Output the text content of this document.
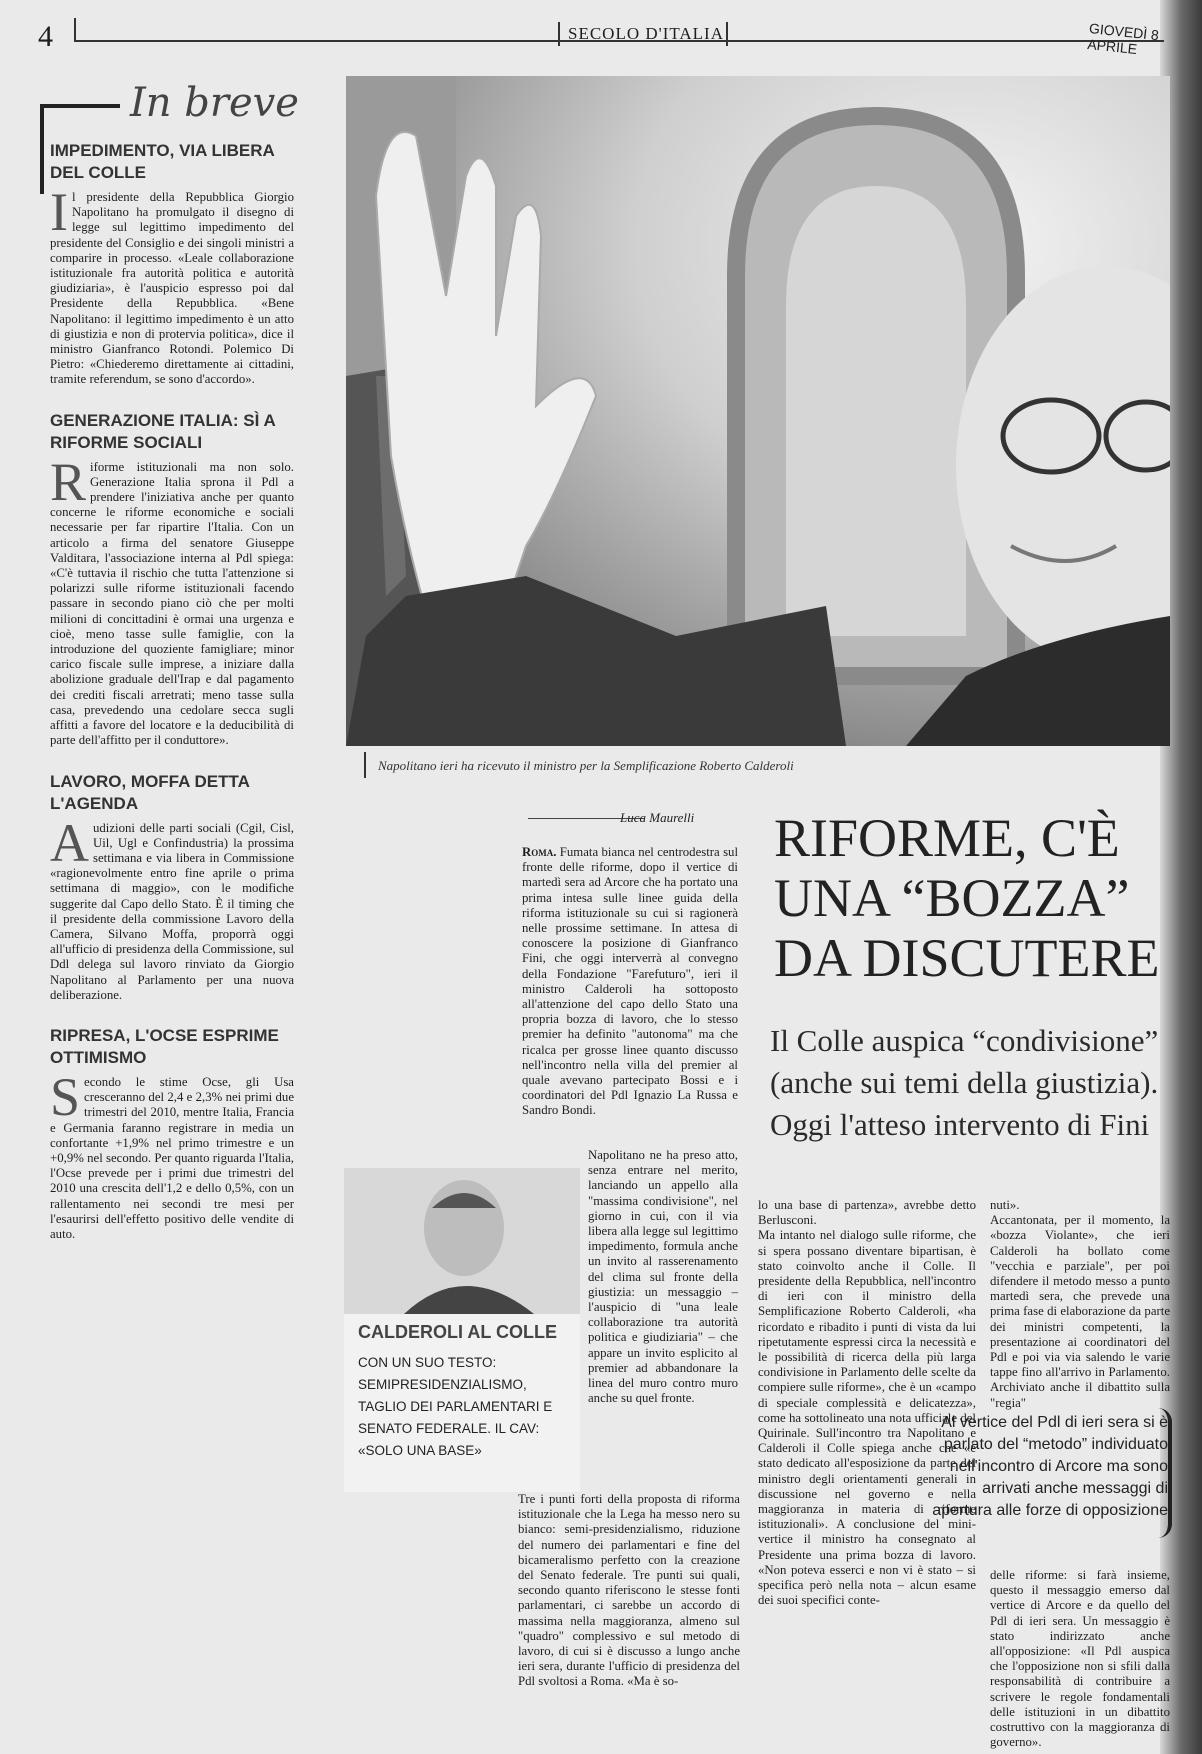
4	SECOLO D'ITALIA	GIOVEDÌ 8 APRILE
In breve
IMPEDIMENTO, VIA LIBERA DEL COLLE

Il presidente della Repubblica Giorgio Napolitano ha promulgato il disegno di legge sul legittimo impedimento del presidente del Consiglio e dei singoli ministri a comparire in processo. «Leale collaborazione istituzionale fra autorità politica e autorità giudiziaria», è l'auspicio espresso poi dal Presidente della Repubblica. «Bene Napolitano: il legittimo impedimento è un atto di giustizia e non di protervia politica», dice il ministro Gianfranco Rotondi. Polemico Di Pietro: «Chiederemo direttamente ai cittadini, tramite referendum, se sono d'accordo».

GENERAZIONE ITALIA: SÌ A RIFORME SOCIALI

Riforme istituzionali ma non solo. Generazione Italia sprona il Pdl a prendere l'iniziativa anche per quanto concerne le riforme economiche e sociali necessarie per far ripartire l'Italia. Con un articolo a firma del senatore Giuseppe Valditara, l'associazione interna al Pdl spiega: «C'è tuttavia il rischio che tutta l'attenzione si polarizzi sulle riforme istituzionali facendo passare in secondo piano ciò che per molti milioni di concittadini è ormai una urgenza e cioè, meno tasse sulle famiglie, con la introduzione del quoziente famigliare; minor carico fiscale sulle imprese, a iniziare dalla abolizione graduale dell'Irap e dal pagamento dei crediti fiscali arretrati; meno tasse sulla casa, prevedendo una cedolare secca sugli affitti a favore del locatore e la deducibilità di parte dell'affitto per il conduttore».

LAVORO, MOFFA DETTA L'AGENDA

Audizioni delle parti sociali (Cgil, Cisl, Uil, Ugl e Confindustria) la prossima settimana e via libera in Commissione «ragionevolmente entro fine aprile o prima settimana di maggio», con le modifiche suggerite dal Capo dello Stato. È il timing che il presidente della commissione Lavoro della Camera, Silvano Moffa, proporrà oggi all'ufficio di presidenza della Commissione, sul Ddl delega sul lavoro rinviato da Giorgio Napolitano al Parlamento per una nuova deliberazione.

RIPRESA, L'OCSE ESPRIME OTTIMISMO

Secondo le stime Ocse, gli Usa cresceranno del 2,4 e 2,3% nei primi due trimestri del 2010, mentre Italia, Francia e Germania faranno registrare in media un confortante +1,9% nel primo trimestre e un +0,9% nel secondo. Per quanto riguarda l'Italia, l'Ocse prevede per i primi due trimestri del 2010 una crescita dell'1,2 e dello 0,5%, con un rallentamento nei secondi tre mesi per l'esaurirsi dell'effetto positivo delle vendite di auto.

Napolitano ieri ha ricevuto il ministro per la Semplificazione Roberto Calderoli
Luca Maurelli RIFORME, C'È
UNA “BOZZA”
DA DISCUTERE
Il Colle auspica “condivisione” (anche sui temi della giustizia). Oggi l'atteso intervento di Fini

Roma. Fumata bianca nel centrodestra sul fronte delle riforme, dopo il vertice di martedì sera ad Arcore che ha portato una prima intesa sulle linee guida della riforma istituzionale su cui si ragionerà nelle prossime settimane. In attesa di conoscere la posizione di Gianfranco Fini, che oggi interverrà al convegno della Fondazione "Farefuturo", ieri il ministro Calderoli ha sottoposto all'attenzione del capo dello Stato una propria bozza di lavoro, che lo stesso premier ha definito "autonoma" ma che ricalca per grosse linee quanto discusso nell'incontro nella villa del premier al quale avevano partecipato Bossi e i coordinatori del Pdl Ignazio La Russa e Sandro Bondi.

Napolitano ne ha preso atto, senza entrare nel merito, lanciando un appello alla "massima condivisione", nel giorno in cui, con il via libera alla legge sul legittimo impedimento, formula anche un invito al rasserenamento del clima sul fronte della giustizia: un messaggio – l'auspicio di "una leale collaborazione tra autorità politica e giudiziaria" – che appare un invito esplicito al premier ad abbandonare la linea del muro contro muro anche su quel fronte.

Tre i punti forti della proposta di riforma istituzionale che la Lega ha messo nero su bianco: semi-presidenzialismo, riduzione del numero dei parlamentari e fine del bicameralismo perfetto con la creazione del Senato federale. Tre punti sui quali, secondo quanto riferiscono le stesse fonti parlamentari, ci sarebbe un accordo di massima nella maggioranza, almeno sul "quadro" complessivo e sul metodo di lavoro, di cui si è discusso a lungo anche ieri sera, durante l'ufficio di presidenza del Pdl svoltosi a Roma. «Ma è so-

CALDEROLI AL COLLE
CON UN SUO TESTO: SEMIPRESIDENZIALISMO, TAGLIO DEI PARLAMENTARI E SENATO FEDERALE. IL CAV: «SOLO UNA BASE»

lo una base di partenza», avrebbe detto Berlusconi.
Ma intanto nel dialogo sulle riforme, che si spera possano diventare bipartisan, è stato coinvolto anche il Colle. Il presidente della Repubblica, nell'incontro di ieri con il ministro della Semplificazione Roberto Calderoli, «ha ricordato e ribadito i punti di vista da lui ripetutamente espressi circa la necessità e le possibilità di ricerca della più larga condivisione in Parlamento delle scelte da compiere sulle riforme», che è un «campo di speciale complessità e delicatezza», come ha sottolineato una nota ufficiale del Quirinale. Sull'incontro tra Napolitano e Calderoli il Colle spiega anche che «è stato dedicato all'esposizione da parte del ministro degli orientamenti generali in discussione nel governo e nella maggioranza in materia di riforme istituzionali». A conclusione del mini-vertice il ministro ha consegnato al Presidente una prima bozza di lavoro. «Non poteva esserci e non vi è stato – si specifica però nella nota – alcun esame dei suoi specifici conte-

nuti».
Accantonata, per il momento, la «bozza Violante», che ieri Calderoli ha bollato come "vecchia e parziale", per poi difendere il metodo messo a punto martedì sera, che prevede una prima fase di elaborazione da parte dei ministri competenti, la presentazione ai coordinatori del Pdl e poi via via salendo le varie tappe fino all'arrivo in Parlamento. Archiviato anche il dibattito sulla "regia"

Al vertice del Pdl di ieri sera si è parlato del “metodo” individuato nell'incontro di Arcore ma sono arrivati anche messaggi di apertura alle forze di opposizione

delle riforme: si farà insieme, questo il messaggio emerso dal vertice di Arcore e da quello del Pdl di ieri sera. Un messaggio è stato indirizzato anche all'opposizione: «Il Pdl auspica che l'opposizione non si sfili dalla responsabilità di contribuire a scrivere le regole fondamentali delle istituzioni in un dibattito costruttivo con la maggioranza di governo».
